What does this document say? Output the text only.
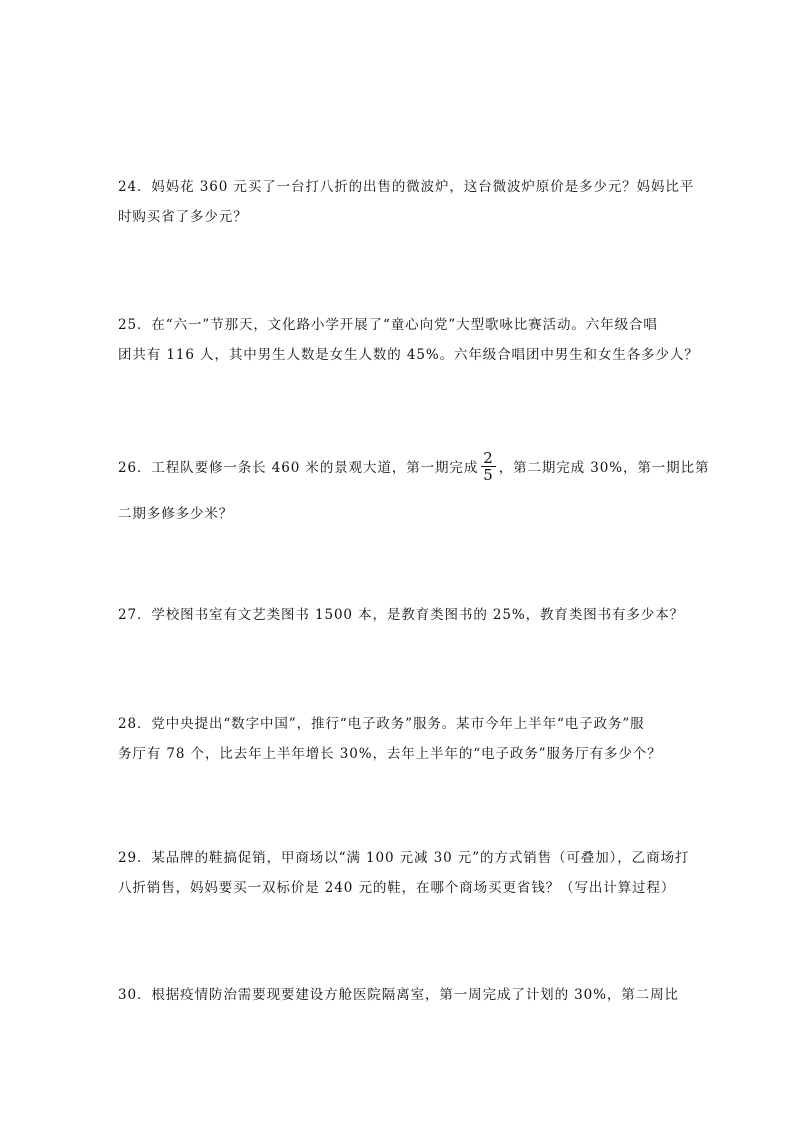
24．妈妈花 360 元买了一台打八折的出售的微波炉，这台微波炉原价是多少元？妈妈比平
时购买省了多少元？
25．在“六一”节那天，文化路小学开展了“童心向党”大型歌咏比赛活动。六年级合唱
团共有 116 人，其中男生人数是女生人数的 45%。六年级合唱团中男生和女生各多少人？
26．工程队要修一条长 460 米的景观大道，第一期完成 $\frac{2}{5}$ ，第二期完成 30%，第一期比第
二期多修多少米？
27．学校图书室有文艺类图书 1500 本，是教育类图书的 25%，教育类图书有多少本？
28．党中央提出“数字中国”，推行“电子政务”服务。某市今年上半年“电子政务”服
务厅有 78 个，比去年上半年增长 30%，去年上半年的“电子政务”服务厅有多少个？
29．某品牌的鞋搞促销，甲商场以“满 100 元减 30 元”的方式销售（可叠加），乙商场打
八折销售，妈妈要买一双标价是 240 元的鞋，在哪个商场买更省钱？（写出计算过程）
30．根据疫情防治需要现要建设方舱医院隔离室，第一周完成了计划的 30%，第二周比
